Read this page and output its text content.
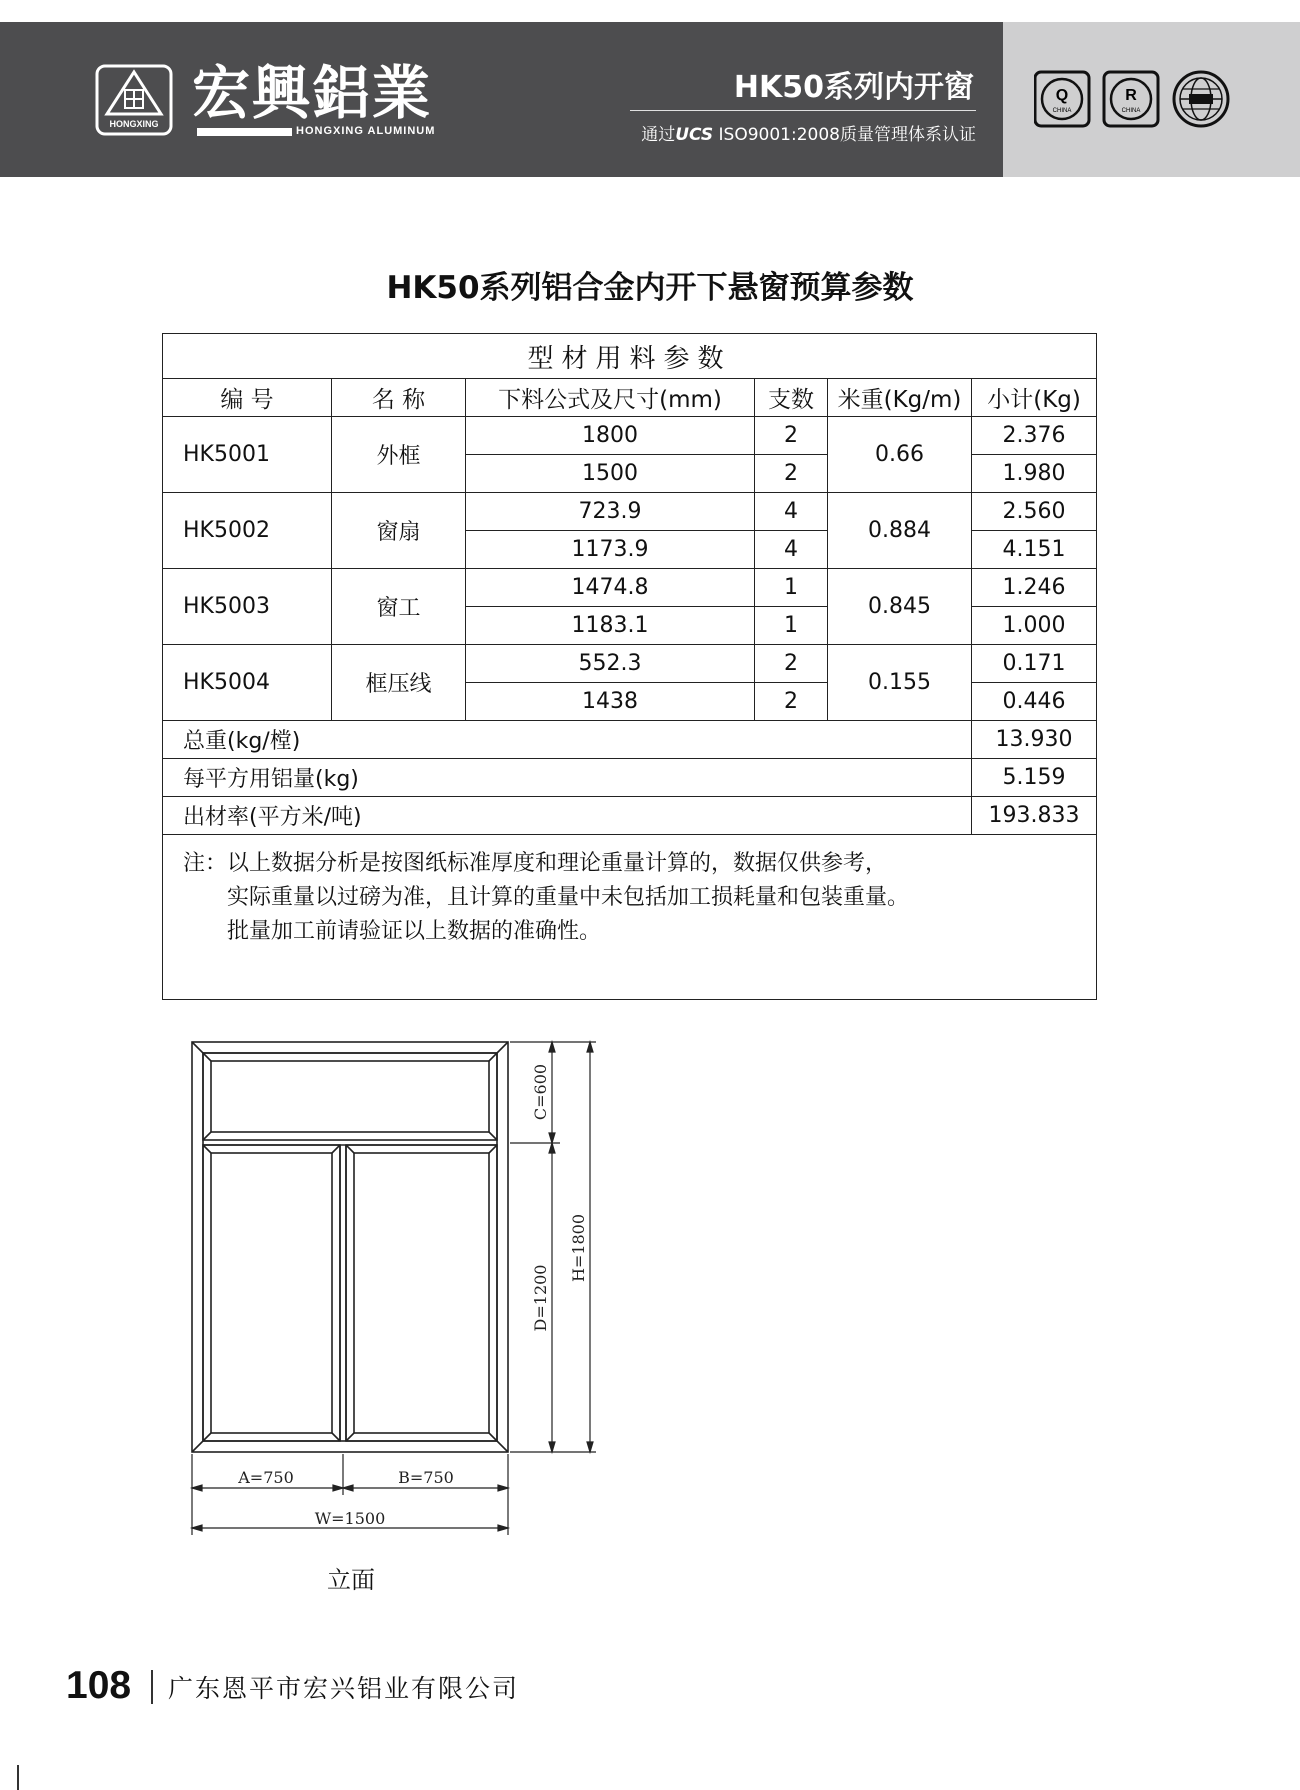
HONGXING 宏興鋁業
HONGXING ALUMINUM
HK50系列内开窗
通过UCS ISO9001:2008质量管理体系认证
Q
CHINA
R
CHINA
HK50系列铝合金内开下悬窗预算参数
型材用料参数					
编 号	名 称	下料公式及尺寸(mm)	支数	米重(Kg/m)	小计(Kg)
HK5001	外框	1800	2	0.66	2.376
		1500	2		1.980
HK5002	窗扇	723.9	4	0.884	2.560
		1173.9	4		4.151
HK5003	窗工	1474.8	1	0.845	1.246
		1183.1	1		1.000
HK5004	框压线	552.3	2	0.155	0.171
		1438	2		0.446
总重(kg/樘)					13.930
每平方用铝量(kg)					5.159
出材率(平方米/吨)					193.833

注：以上数据分析是按图纸标准厚度和理论重量计算的，数据仅供参考，
实际重量以过磅为准，且计算的重量中未包括加工损耗量和包装重量。
批量加工前请验证以上数据的准确性。					
A=750	B=750
W=1500
C=600
D=1200
H=1800
立面
108 广东恩平市宏兴铝业有限公司
